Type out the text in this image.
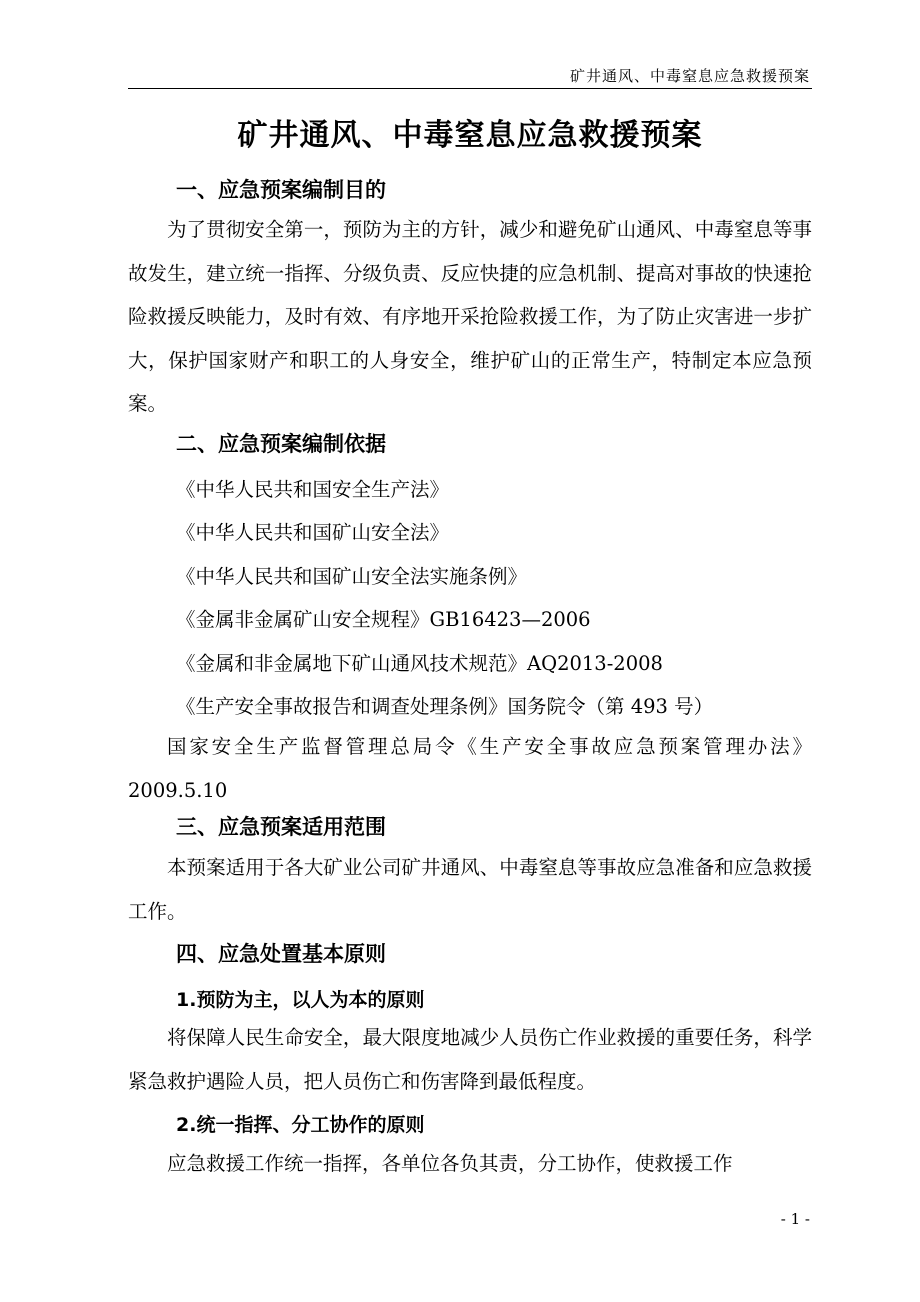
矿井通风、中毒窒息应急救援预案
矿井通风、中毒窒息应急救援预案
一、应急预案编制目的
为了贯彻安全第一，预防为主的方针，减少和避免矿山通风、中毒窒息等事故发生，建立统一指挥、分级负责、反应快捷的应急机制、提高对事故的快速抢险救援反映能力，及时有效、有序地开采抢险救援工作，为了防止灾害进一步扩大，保护国家财产和职工的人身安全，维护矿山的正常生产，特制定本应急预案。
二、应急预案编制依据
《中华人民共和国安全生产法》
《中华人民共和国矿山安全法》
《中华人民共和国矿山安全法实施条例》
《金属非金属矿山安全规程》GB16423—2006
《金属和非金属地下矿山通风技术规范》AQ2013-2008
《生产安全事故报告和调查处理条例》国务院令（第 493 号）
国家安全生产监督管理总局令《生产安全事故应急预案管理办法》2009.5.10
三、应急预案适用范围
本预案适用于各大矿业公司矿井通风、中毒窒息等事故应急准备和应急救援工作。
四、应急处置基本原则
1.预防为主，以人为本的原则
将保障人民生命安全，最大限度地减少人员伤亡作业救援的重要任务，科学紧急救护遇险人员，把人员伤亡和伤害降到最低程度。
2.统一指挥、分工协作的原则
应急救援工作统一指挥，各单位各负其责，分工协作，使救援工作
- 1 -
